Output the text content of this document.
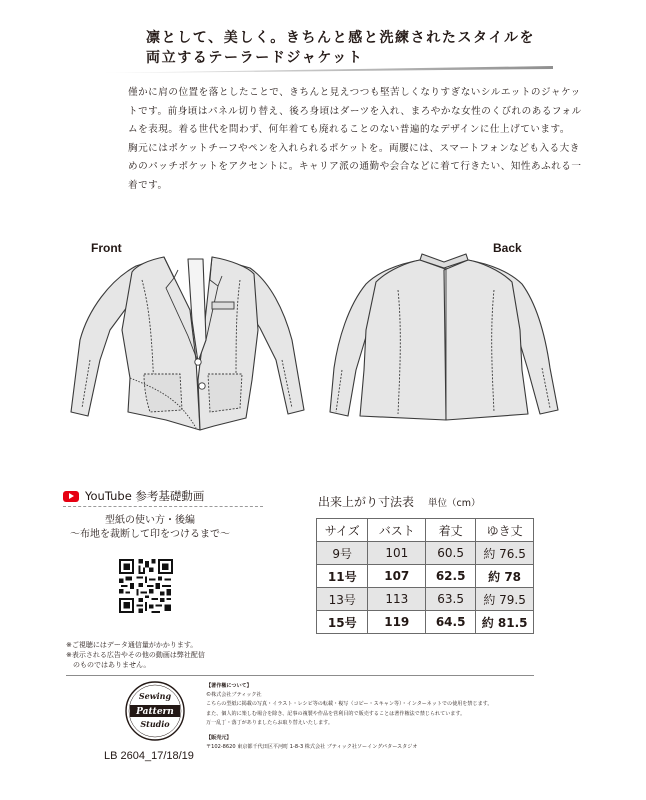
凛として、美しく。きちんと感と洗練されたスタイルを
両立するテーラードジャケット

僅かに肩の位置を落としたことで、きちんと見えつつも堅苦しくなりすぎないシルエットのジャケットです。前身頃はパネル切り替え、後ろ身頃はダーツを入れ、まろやかな女性のくびれのあるフォルムを表現。着る世代を問わず、何年着ても廃れることのない普遍的なデザインに仕上げています。

胸元にはポケットチーフやペンを入れられるポケットを。両腰には、スマートフォンなども入る大きめのパッチポケットをアクセントに。キャリア派の通勤や会合などに着て行きたい、知性あふれる一着です。

Front	Back
YouTube 参考基礎動画
型紙の使い方・後編
～布地を裁断して印をつけるまで～
※ご視聴にはデータ通信量がかかります。
※表示される広告やその他の動画は弊社配信
　のものではありません。
出来上がり寸法表 単位（cm）
サイズ	バスト	着丈	ゆき丈
9号	101	60.5	約 76.5
11号	107	62.5	約 78
13号	113	63.5	約 79.5
15号	119	64.5	約 81.5
Sewing
Pattern
Studio
LB 2604_17/18/19

【著作権について】

©株式会社ブティック社

こちらの型紙に掲載の写真・イラスト・レシピ等の転載・複写（コピー・スキャン等）・インターネットでの使用を禁じます。

また、個人的に楽しむ場合を除き、記事の複製や作品を営利目的で販売することは著作権法で禁じられています。

万一乱丁・落丁がありましたらお取り替えいたします。

【販売元】

〒102-8620 東京都千代田区平河町 1-8-3 株式会社 ブティック社ソーイングパタースタジオ
